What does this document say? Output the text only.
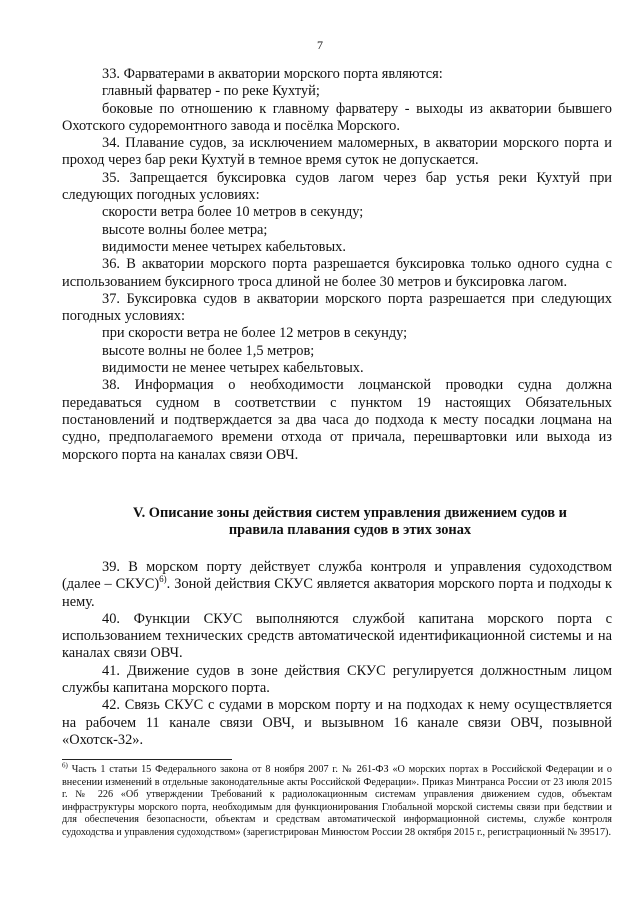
7

33. Фарватерами в акватории морского порта являются:

главный фарватер - по реке Кухтуй;

боковые по отношению к главному фарватеру - выходы из акватории бывшего Охотского судоремонтного завода и посёлка Морского.

34. Плавание судов, за исключением маломерных, в акватории морского порта и проход через бар реки Кухтуй в темное время суток не допускается.

35. Запрещается буксировка судов лагом через бар устья реки Кухтуй при следующих погодных условиях:

скорости ветра более 10 метров в секунду;

высоте волны более метра;

видимости менее четырех кабельтовых.

36. В акватории морского порта разрешается буксировка только одного судна с использованием буксирного троса длиной не более 30 метров и буксировка лагом.

37. Буксировка судов в акватории морского порта разрешается при следующих погодных условиях:

при скорости ветра не более 12 метров в секунду;

высоте волны не более 1,5 метров;

видимости не менее четырех кабельтовых.

38. Информация о необходимости лоцманской проводки судна должна передаваться судном в соответствии с пунктом 19 настоящих Обязательных постановлений и подтверждается за два часа до подхода к месту посадки лоцмана на судно, предполагаемого времени отхода от причала, перешвартовки или выхода из морского порта на каналах связи ОВЧ.

V. Описание зоны действия систем управления движением судов и
правила плавания судов в этих зонах

39. В морском порту действует служба контроля и управления судоходством (далее – СКУС)$^{6)}$. Зоной действия СКУС является акватория морского порта и подходы к нему.

40. Функции СКУС выполняются службой капитана морского порта с использованием технических средств автоматической идентификационной системы и на каналах связи ОВЧ.

41. Движение судов в зоне действия СКУС регулируется должностным лицом службы капитана морского порта.

42. Связь СКУС с судами в морском порту и на подходах к нему осуществляется на рабочем 11 канале связи ОВЧ, и вызывном 16 канале связи ОВЧ, позывной «Охотск-32».

$^{6)}$ Часть 1 статьи 15 Федерального закона от 8 ноября 2007 г. № 261-ФЗ «О морских портах в Российской Федерации и о внесении изменений в отдельные законодательные акты Российской Федерации». Приказ Минтранса России от 23 июля 2015 г. № 226 «Об утверждении Требований к радиолокационным системам управления движением судов, объектам инфраструктуры морского порта, необходимым для функционирования Глобальной морской системы связи при бедствии и для обеспечения безопасности, объектам и средствам автоматической информационной системы, службе контроля судоходства и управления судоходством» (зарегистрирован Минюстом России 28 октября 2015 г., регистрационный № 39517).
